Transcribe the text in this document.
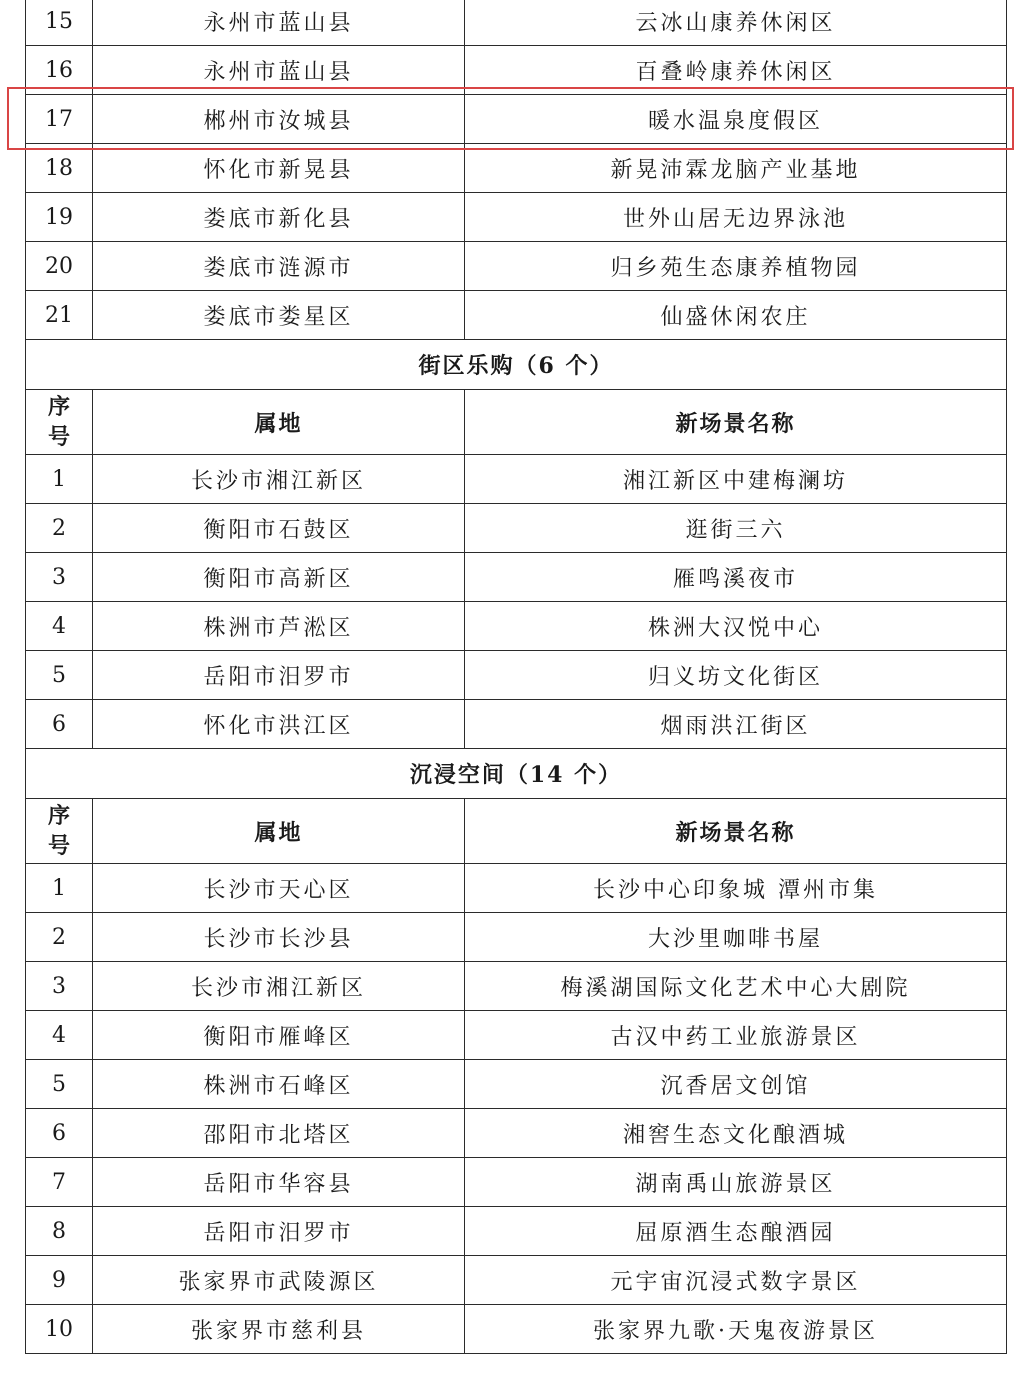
15	永州市蓝山县	云冰山康养休闲区
16	永州市蓝山县	百叠岭康养休闲区
17	郴州市汝城县	暖水温泉度假区
18	怀化市新晃县	新晃沛霖龙脑产业基地
19	娄底市新化县	世外山居无边界泳池
20	娄底市涟源市	归乡苑生态康养植物园
21	娄底市娄星区	仙盛休闲农庄
街区乐购（6 个）		
序
号	属地	新场景名称
1	长沙市湘江新区	湘江新区中建梅澜坊
2	衡阳市石鼓区	逛街三六
3	衡阳市高新区	雁鸣溪夜市
4	株洲市芦淞区	株洲大汉悦中心
5	岳阳市汨罗市	归义坊文化街区
6	怀化市洪江区	烟雨洪江街区
沉浸空间（14 个）		
序
号	属地	新场景名称
1	长沙市天心区	长沙中心印象城 潭州市集
2	长沙市长沙县	大沙里咖啡书屋
3	长沙市湘江新区	梅溪湖国际文化艺术中心大剧院
4	衡阳市雁峰区	古汉中药工业旅游景区
5	株洲市石峰区	沉香居文创馆
6	邵阳市北塔区	湘窖生态文化酿酒城
7	岳阳市华容县	湖南禹山旅游景区
8	岳阳市汨罗市	屈原酒生态酿酒园
9	张家界市武陵源区	元宇宙沉浸式数字景区
10	张家界市慈利县	张家界九歌·天鬼夜游景区
